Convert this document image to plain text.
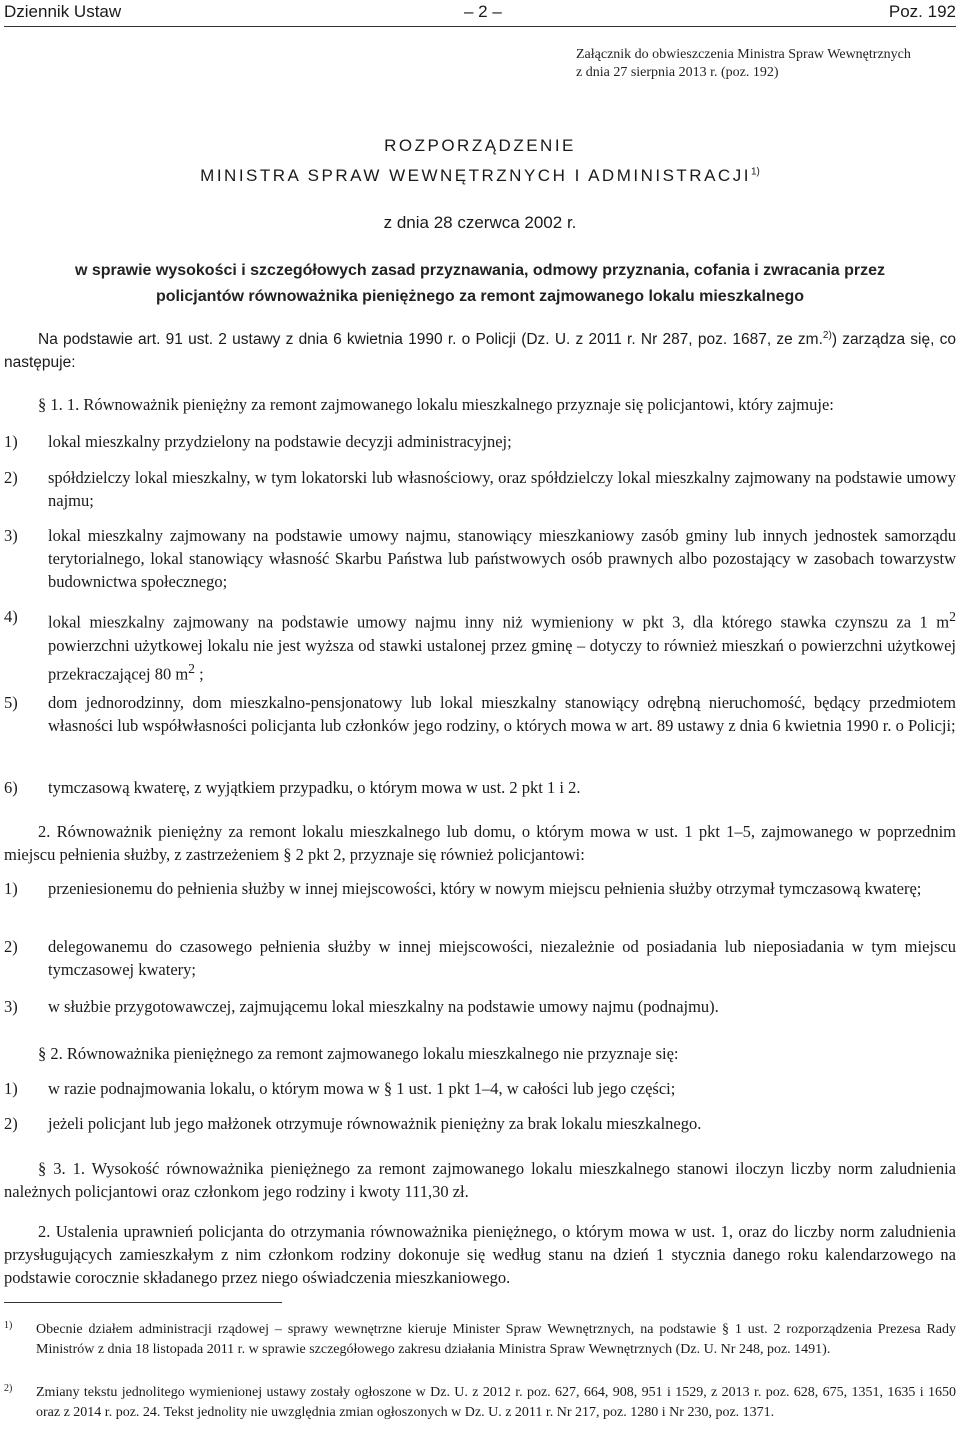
Dziennik Ustaw	– 2 –	Poz. 192
Załącznik do obwieszczenia Ministra Spraw Wewnętrznych
z dnia 27 sierpnia 2013 r. (poz. 192)
ROZPORZĄDZENIE
MINISTRA SPRAW WEWNĘTRZNYCH I ADMINISTRACJI$^{1)}$
z dnia 28 czerwca 2002 r.
w sprawie wysokości i szczegółowych zasad przyznawania, odmowy przyznania, cofania i zwracania przez policjantów równoważnika pieniężnego za remont zajmowanego lokalu mieszkalnego
Na podstawie art. 91 ust. 2 ustawy z dnia 6 kwietnia 1990 r. o Policji (Dz. U. z 2011 r. Nr 287, poz. 1687, ze zm.$^{2)}$) zarządza się, co następuje:
§ 1. 1. Równoważnik pieniężny za remont zajmowanego lokalu mieszkalnego przyznaje się policjantowi, który zajmuje:
1)	lokal mieszkalny przydzielony na podstawie decyzji administracyjnej;
2)	spółdzielczy lokal mieszkalny, w tym lokatorski lub własnościowy, oraz spółdzielczy lokal mieszkalny zajmowany na podstawie umowy najmu;
3)	lokal mieszkalny zajmowany na podstawie umowy najmu, stanowiący mieszkaniowy zasób gminy lub innych jednostek samorządu terytorialnego, lokal stanowiący własność Skarbu Państwa lub państwowych osób prawnych albo pozostający w zasobach towarzystw budownictwa społecznego;
4)	lokal mieszkalny zajmowany na podstawie umowy najmu inny niż wymieniony w pkt 3, dla którego stawka czynszu za 1 $m^2$ powierzchni użytkowej lokalu nie jest wyższa od stawki ustalonej przez gminę – dotyczy to również mieszkań o powierzchni użytkowej przekraczającej 80 $m^2$ ;
5)	dom jednorodzinny, dom mieszkalno-pensjonatowy lub lokal mieszkalny stanowiący odrębną nieruchomość, będący przedmiotem własności lub współwłasności policjanta lub członków jego rodziny, o których mowa w art. 89 ustawy z dnia 6 kwietnia 1990 r. o Policji;
6)	tymczasową kwaterę, z wyjątkiem przypadku, o którym mowa w ust. 2 pkt 1 i 2.
2. Równoważnik pieniężny za remont lokalu mieszkalnego lub domu, o którym mowa w ust. 1 pkt 1–5, zajmowanego w poprzednim miejscu pełnienia służby, z zastrzeżeniem § 2 pkt 2, przyznaje się również policjantowi:
1)	przeniesionemu do pełnienia służby w innej miejscowości, który w nowym miejscu pełnienia służby otrzymał tymczasową kwaterę;
2)	delegowanemu do czasowego pełnienia służby w innej miejscowości, niezależnie od posiadania lub nieposiadania w tym miejscu tymczasowej kwatery;
3)	w służbie przygotowawczej, zajmującemu lokal mieszkalny na podstawie umowy najmu (podnajmu).
§ 2. Równoważnika pieniężnego za remont zajmowanego lokalu mieszkalnego nie przyznaje się:
1)	w razie podnajmowania lokalu, o którym mowa w § 1 ust. 1 pkt 1–4, w całości lub jego części;
2)	jeżeli policjant lub jego małżonek otrzymuje równoważnik pieniężny za brak lokalu mieszkalnego.
§ 3. 1. Wysokość równoważnika pieniężnego za remont zajmowanego lokalu mieszkalnego stanowi iloczyn liczby norm zaludnienia należnych policjantowi oraz członkom jego rodziny i kwoty 111,30 zł.
2. Ustalenia uprawnień policjanta do otrzymania równoważnika pieniężnego, o którym mowa w ust. 1, oraz do liczby norm zaludnienia przysługujących zamieszkałym z nim członkom rodziny dokonuje się według stanu na dzień 1 stycznia danego roku kalendarzowego na podstawie corocznie składanego przez niego oświadczenia mieszkaniowego.
1) Obecnie działem administracji rządowej – sprawy wewnętrzne kieruje Minister Spraw Wewnętrznych, na podstawie § 1 ust. 2 rozporządzenia Prezesa Rady Ministrów z dnia 18 listopada 2011 r. w sprawie szczegółowego zakresu działania Ministra Spraw Wewnętrznych (Dz. U. Nr 248, poz. 1491).
2) Zmiany tekstu jednolitego wymienionej ustawy zostały ogłoszone w Dz. U. z 2012 r. poz. 627, 664, 908, 951 i 1529, z 2013 r. poz. 628, 675, 1351, 1635 i 1650 oraz z 2014 r. poz. 24. Tekst jednolity nie uwzględnia zmian ogłoszonych w Dz. U. z 2011 r. Nr 217, poz. 1280 i Nr 230, poz. 1371.
